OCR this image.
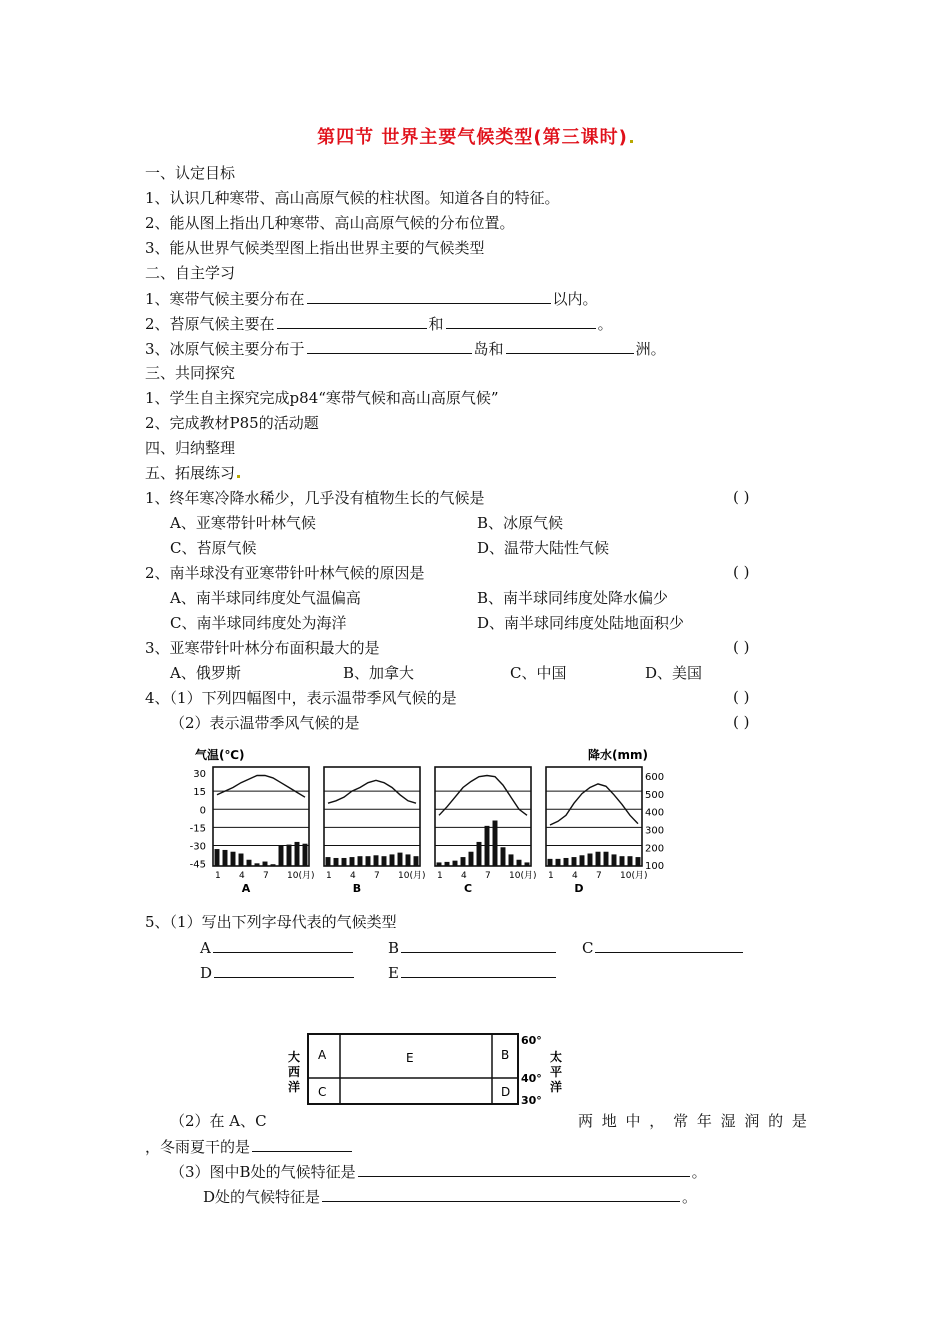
第四节 世界主要气候类型(第三课时)
一、认定目标
1、认识几种寒带、高山高原气候的柱状图。知道各自的特征。
2、能从图上指出几种寒带、高山高原气候的分布位置。
3、能从世界气候类型图上指出世界主要的气候类型
二、自主学习
1、寒带气候主要分布在	以内。
2、苔原气候主要在	和	。
3、冰原气候主要分布于	岛和	洲。
三、共同探究
1、学生自主探究完成p84“寒带气候和高山高原气候”
2、完成教材P85的活动题
四、归纳整理
五、拓展练习
1、终年寒冷降水稀少，几乎没有植物生长的气候是	( )
A、亚寒带针叶林气候	B、冰原气候
C、苔原气候	D、温带大陆性气候
2、南半球没有亚寒带针叶林气候的原因是	( )
A、南半球同纬度处气温偏高	B、南半球同纬度处降水偏少
C、南半球同纬度处为海洋	D、南半球同纬度处陆地面积少
3、亚寒带针叶林分布面积最大的是	( )
A、俄罗斯	B、加拿大	C、中国	D、美国
4、（1）下列四幅图中，表示温带季风气候的是	( )
（2）表示温带季风气候的是	( )
气温(℃)	降水(mm)
30
15
0
-15
-30
-45
600
500
400
300
200
100
1 4 7 10(月)
A
1 4 7 10(月)
B
1 4 7 10(月)
C
1 4 7 10(月)
D
5、（1）写出下列字母代表的气候类型
A	B	C
D	E
A	E	B
C	D
60°
40°
30°
大
西
洋
太
平
洋
（2）在 A、C	两 地 中 ， 常 年 湿 润 的 是
，冬雨夏干的是
（3）图中B处的气候特征是	。
D处的气候特征是	。
